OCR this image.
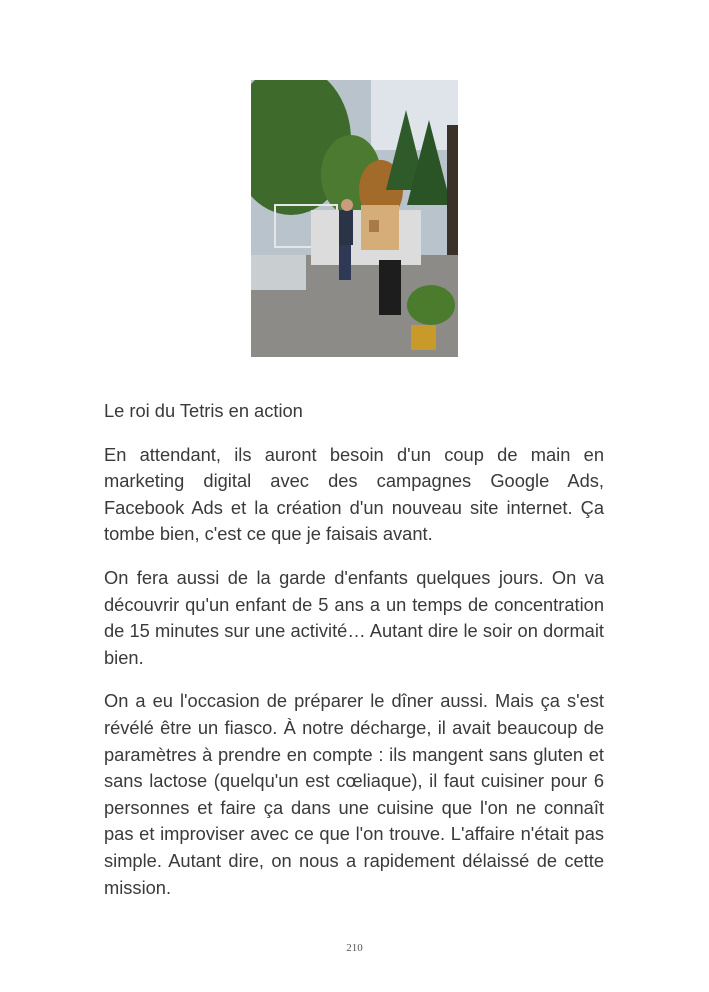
Le roi du Tetris en action

En attendant, ils auront besoin d'un coup de main en marketing digital avec des campagnes Google Ads, Facebook Ads et la création d'un nouveau site internet. Ça tombe bien, c'est ce que je faisais avant.

On fera aussi de la garde d'enfants quelques jours. On va découvrir qu'un enfant de 5 ans a un temps de concentration de 15 minutes sur une activité… Autant dire le soir on dormait bien.

On a eu l'occasion de préparer le dîner aussi. Mais ça s'est révélé être un fiasco. À notre décharge, il avait beaucoup de paramètres à prendre en compte : ils mangent sans gluten et sans lactose (quelqu'un est cœliaque), il faut cuisiner pour 6 personnes et faire ça dans une cuisine que l'on ne connaît pas et improviser avec ce que l'on trouve. L'affaire n'était pas simple. Autant dire, on nous a rapidement délaissé de cette mission.

210
